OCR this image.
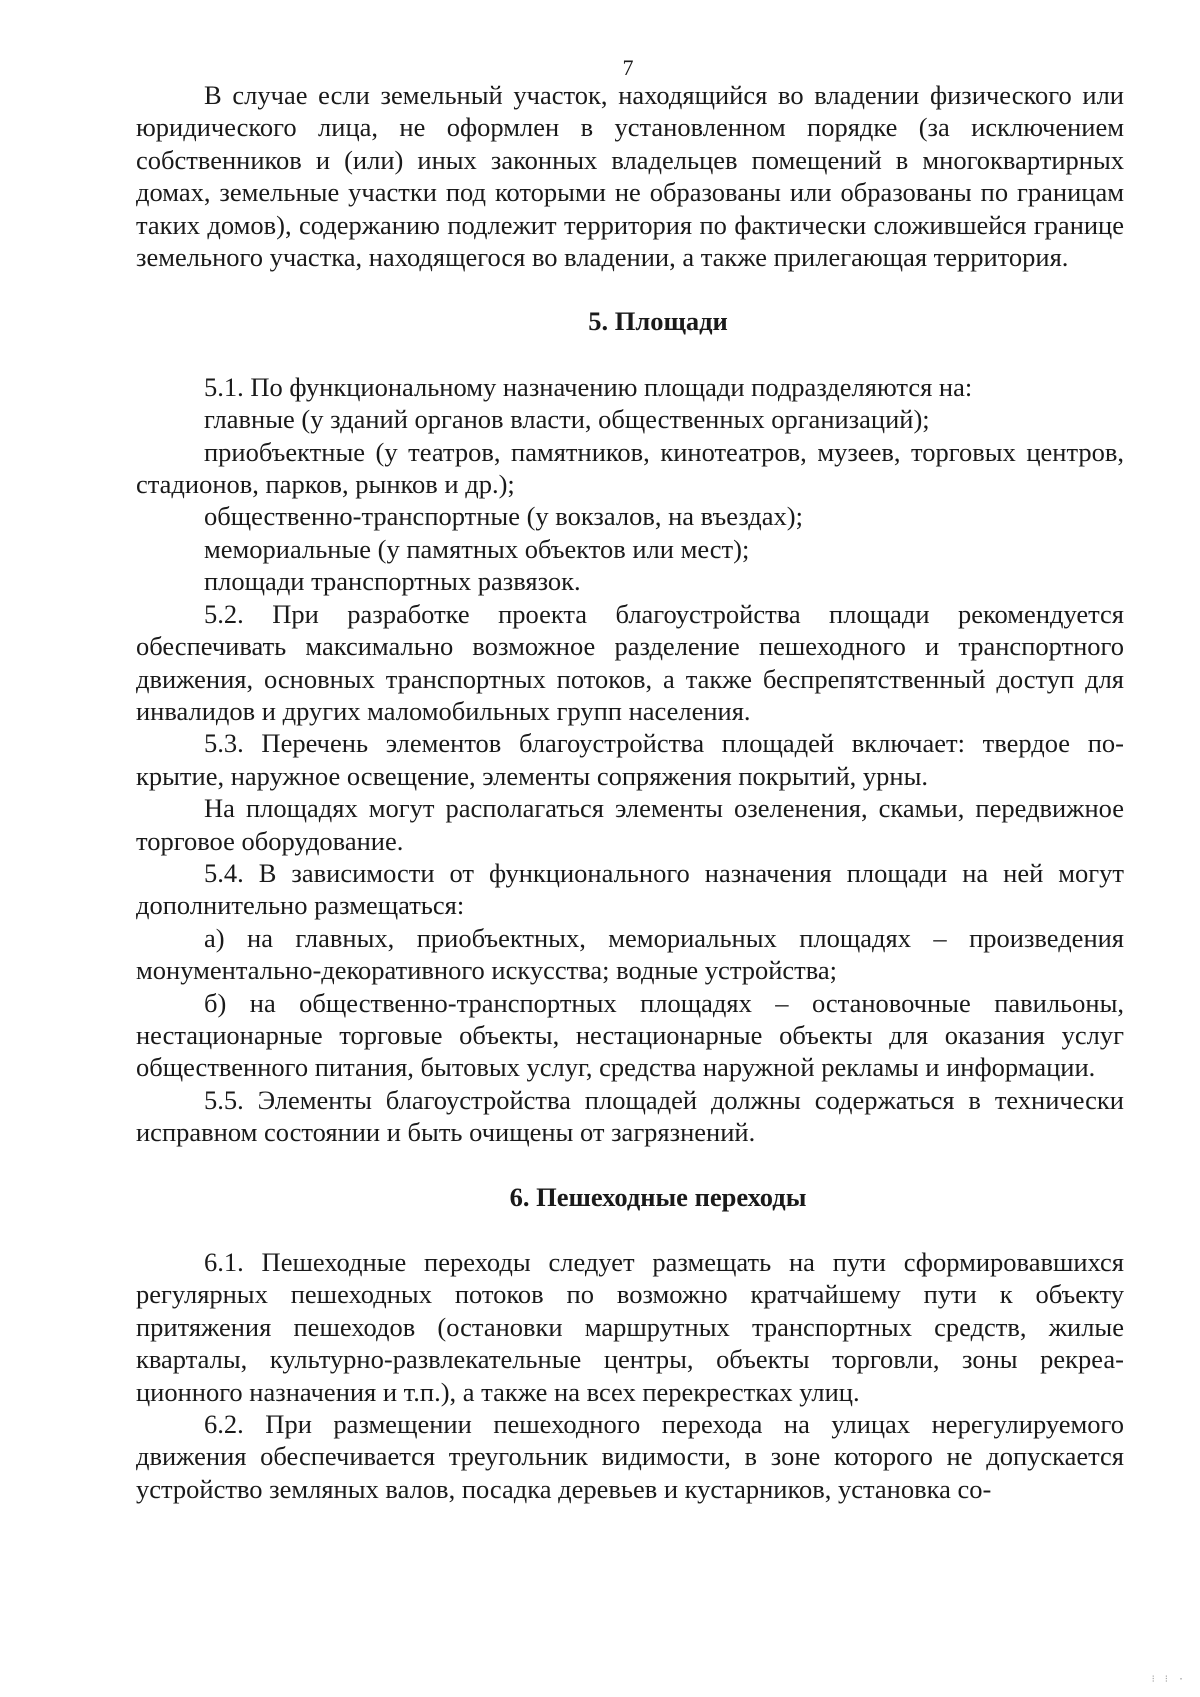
7

В случае если земельный участок, находящийся во владении физического или юридического лица, не оформлен в установленном порядке (за исключением собственников и (или) иных законных владельцев помещений в многоквартирных домах, земельные участки под которыми не образованы или образованы по границам таких домов), содержанию подлежит территория по фактически сложившейся границе земельного участка, находящегося во владении, а также прилегающая территория.

5. Площади

5.1. По функциональному назначению площади подразделяются на:

главные (у зданий органов власти, общественных организаций);

приобъектные (у театров, памятников, кинотеатров, музеев, торговых центров, стадионов, парков, рынков и др.);

общественно-транспортные (у вокзалов, на въездах);

мемориальные (у памятных объектов или мест);

площади транспортных развязок.

5.2. При разработке проекта благоустройства площади рекомендуется обеспечивать максимально возможное разделение пешеходного и транспортного движения, основных транспортных потоков, а также беспрепятственный доступ для инвалидов и других маломобильных групп населения.

5.3. Перечень элементов благоустройства площадей включает: твердое покрытие, наружное освещение, элементы сопряжения покрытий, урны.

На площадях могут располагаться элементы озеленения, скамьи, передвижное торговое оборудование.

5.4. В зависимости от функционального назначения площади на ней могут дополнительно размещаться:

а) на главных, приобъектных, мемориальных площадях – произведения монументально-декоративного искусства; водные устройства;

б) на общественно-транспортных площадях – остановочные павильоны, нестационарные торговые объекты, нестационарные объекты для оказания услуг общественного питания, бытовых услуг, средства наружной рекламы и информации.

5.5. Элементы благоустройства площадей должны содержаться в технически исправном состоянии и быть очищены от загрязнений.

6. Пешеходные переходы

6.1. Пешеходные переходы следует размещать на пути сформировавшихся регулярных пешеходных потоков по возможно кратчайшему пути к объекту притяжения пешеходов (остановки маршрутных транспортных средств, жилые кварталы, культурно-развлекательные центры, объекты торговли, зоны рекреационного назначения и т.п.), а также на всех перекрестках улиц.

6.2. При размещении пешеходного перехода на улицах нерегулируемого движения обеспечивается треугольник видимости, в зоне которого не допускается устройство земляных валов, посадка деревьев и кустарников, установка со-

⁝ ⁝ ·
